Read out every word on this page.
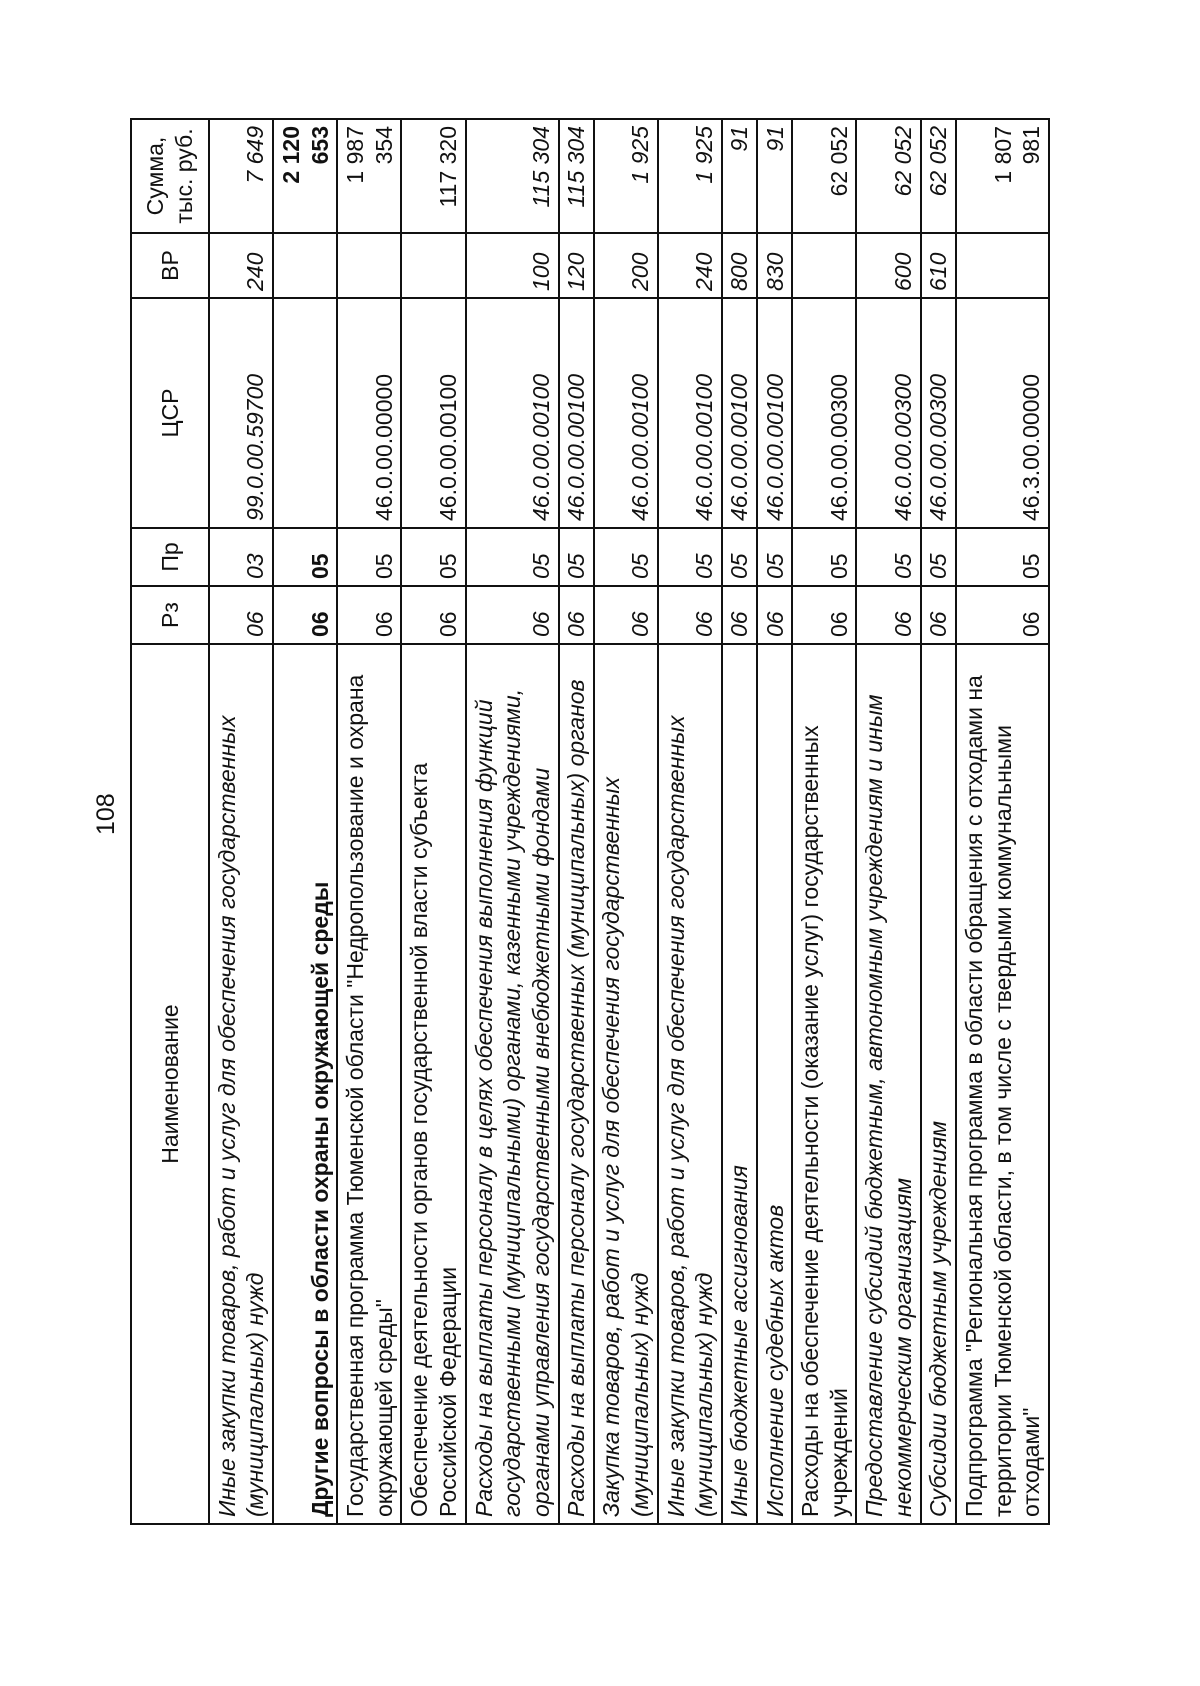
108
Наименование	Рз	Пр	ЦСР	ВР	Сумма, тыс. руб.
Иные закупки товаров, работ и услуг для обеспечения государственных (муниципальных) нужд	06	03	99.0.00.59700	240	7 649
Другие вопросы в области охраны окружающей среды	06	05			2 120 653
Государственная программа Тюменской области "Недропользование и охрана окружающей среды"	06	05	46.0.00.00000		1 987 354
Обеспечение деятельности органов государственной власти субъекта Российской Федерации	06	05	46.0.00.00100		117 320
Расходы на выплаты персоналу в целях обеспечения выполнения функций государственными (муниципальными) органами, казенными учреждениями, органами управления государственными внебюджетными фондами	06	05	46.0.00.00100	100	115 304
Расходы на выплаты персоналу государственных (муниципальных) органов	06	05	46.0.00.00100	120	115 304
Закупка товаров, работ и услуг для обеспечения государственных (муниципальных) нужд	06	05	46.0.00.00100	200	1 925
Иные закупки товаров, работ и услуг для обеспечения государственных (муниципальных) нужд	06	05	46.0.00.00100	240	1 925
Иные бюджетные ассигнования	06	05	46.0.00.00100	800	91
Исполнение судебных актов	06	05	46.0.00.00100	830	91
Расходы на обеспечение деятельности (оказание услуг) государственных учреждений	06	05	46.0.00.00300		62 052
Предоставление субсидий бюджетным, автономным учреждениям и иным некоммерческим организациям	06	05	46.0.00.00300	600	62 052
Субсидии бюджетным учреждениям	06	05	46.0.00.00300	610	62 052
Подпрограмма "Региональная программа в области обращения с отходами на территории Тюменской области, в том числе с твердыми коммунальными отходами"	06	05	46.3.00.00000		1 807 981
